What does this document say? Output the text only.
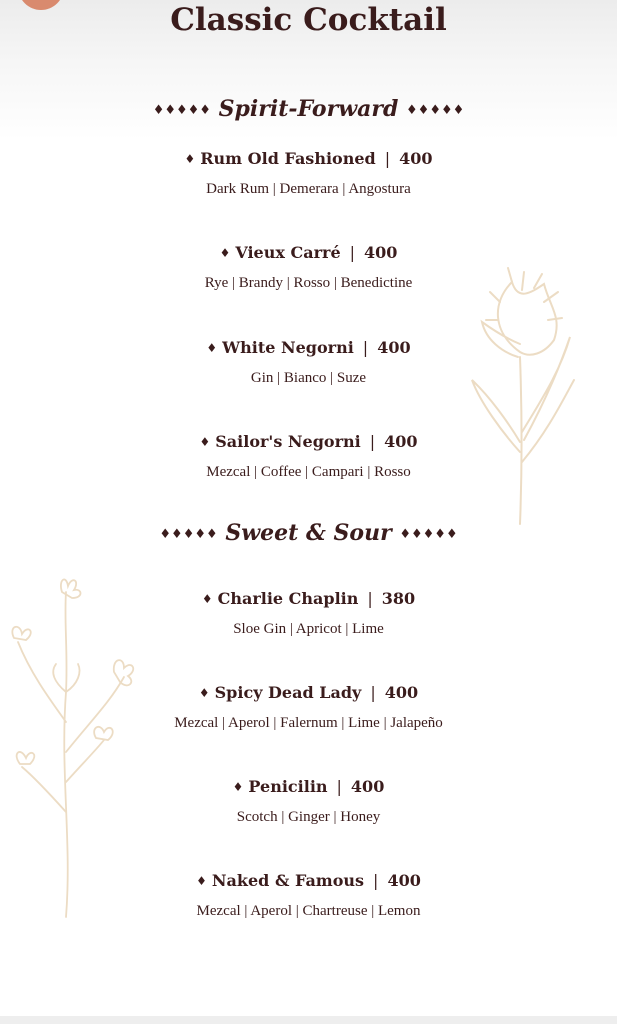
Classic Cocktail
♦♦♦♦♦ Spirit-Forward ♦♦♦♦♦
♦ Rum Old Fashioned | 400
Dark Rum | Demerara | Angostura
♦ Vieux Carré | 400
Rye | Brandy | Rosso | Benedictine
♦ White Negorni | 400
Gin | Bianco | Suze
♦ Sailor's Negorni | 400
Mezcal | Coffee | Campari | Rosso
♦♦♦♦♦ Sweet & Sour ♦♦♦♦♦
♦ Charlie Chaplin | 380
Sloe Gin | Apricot | Lime
♦ Spicy Dead Lady | 400
Mezcal | Aperol | Falernum | Lime | Jalapeño
♦ Penicilin | 400
Scotch | Ginger | Honey
♦ Naked & Famous | 400
Mezcal | Aperol | Chartreuse | Lemon
